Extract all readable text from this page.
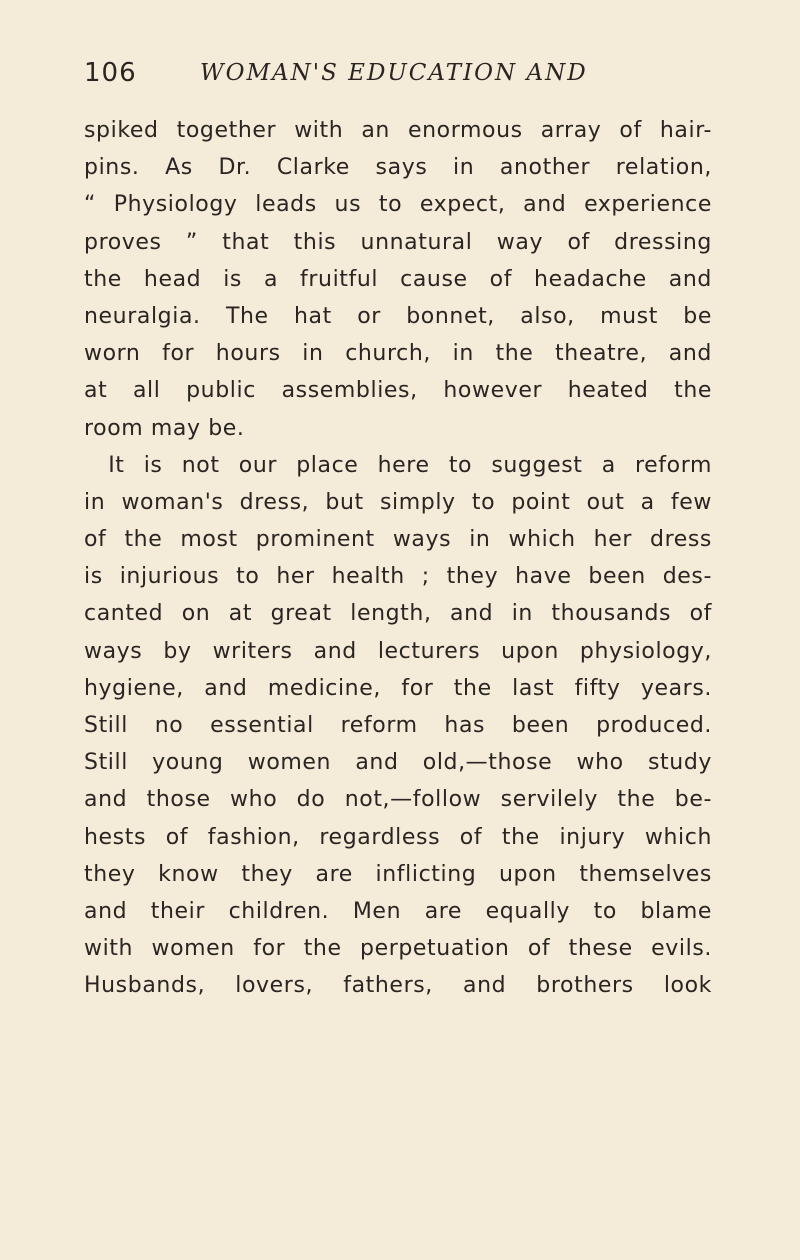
106	WOMAN'S EDUCATION AND
spiked together with an enormous array of hair-
pins. As Dr. Clarke says in another relation,
“ Physiology leads us to expect, and experience
proves ” that this unnatural way of dressing
the head is a fruitful cause of headache and
neuralgia. The hat or bonnet, also, must be
worn for hours in church, in the theatre, and
at all public assemblies, however heated the
room may be.
It is not our place here to suggest a reform
in woman's dress, but simply to point out a few
of the most prominent ways in which her dress
is injurious to her health ; they have been des-
canted on at great length, and in thousands of
ways by writers and lecturers upon physiology,
hygiene, and medicine, for the last fifty years.
Still no essential reform has been produced.
Still young women and old,—those who study
and those who do not,—follow servilely the be-
hests of fashion, regardless of the injury which
they know they are inflicting upon themselves
and their children. Men are equally to blame
with women for the perpetuation of these evils.
Husbands, lovers, fathers, and brothers look
